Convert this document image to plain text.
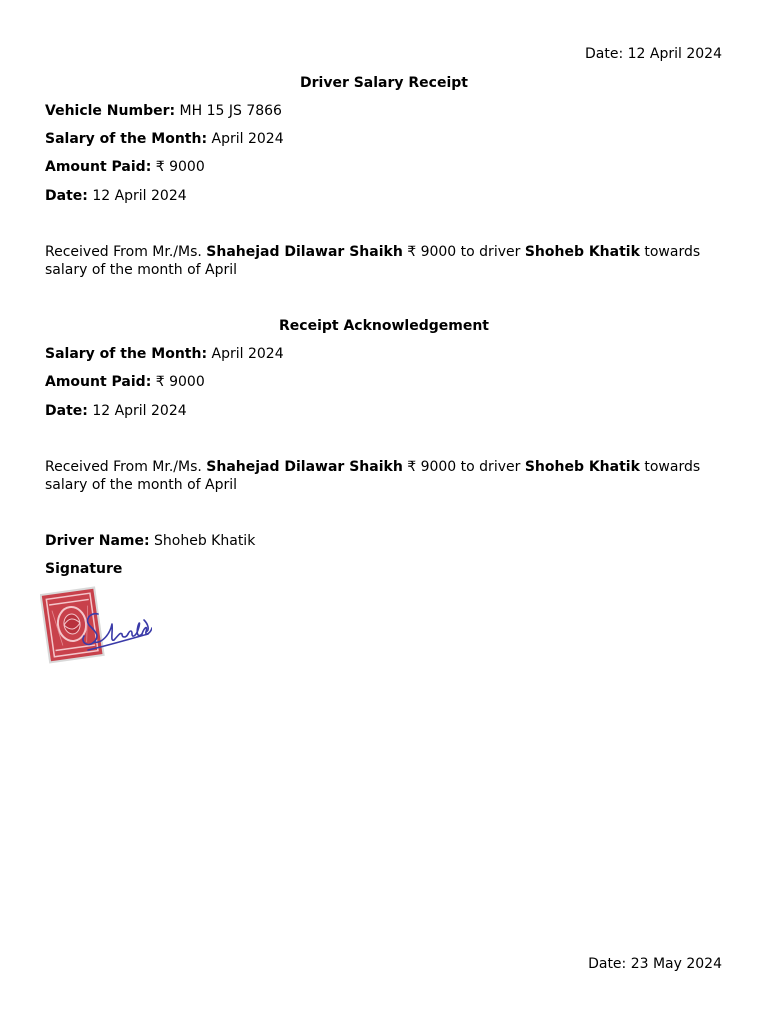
Date: 12 April 2024
Driver Salary Receipt
Vehicle Number: MH 15 JS 7866
Salary of the Month: April 2024
Amount Paid: ₹ 9000
Date: 12 April 2024
Received From Mr./Ms. Shahejad Dilawar Shaikh ₹ 9000 to driver Shoheb Khatik towards salary of the month of April
Receipt Acknowledgement
Salary of the Month: April 2024
Amount Paid: ₹ 9000
Date: 12 April 2024
Received From Mr./Ms. Shahejad Dilawar Shaikh ₹ 9000 to driver Shoheb Khatik towards salary of the month of April
Driver Name: Shoheb Khatik
Signature
Date: 23 May 2024
